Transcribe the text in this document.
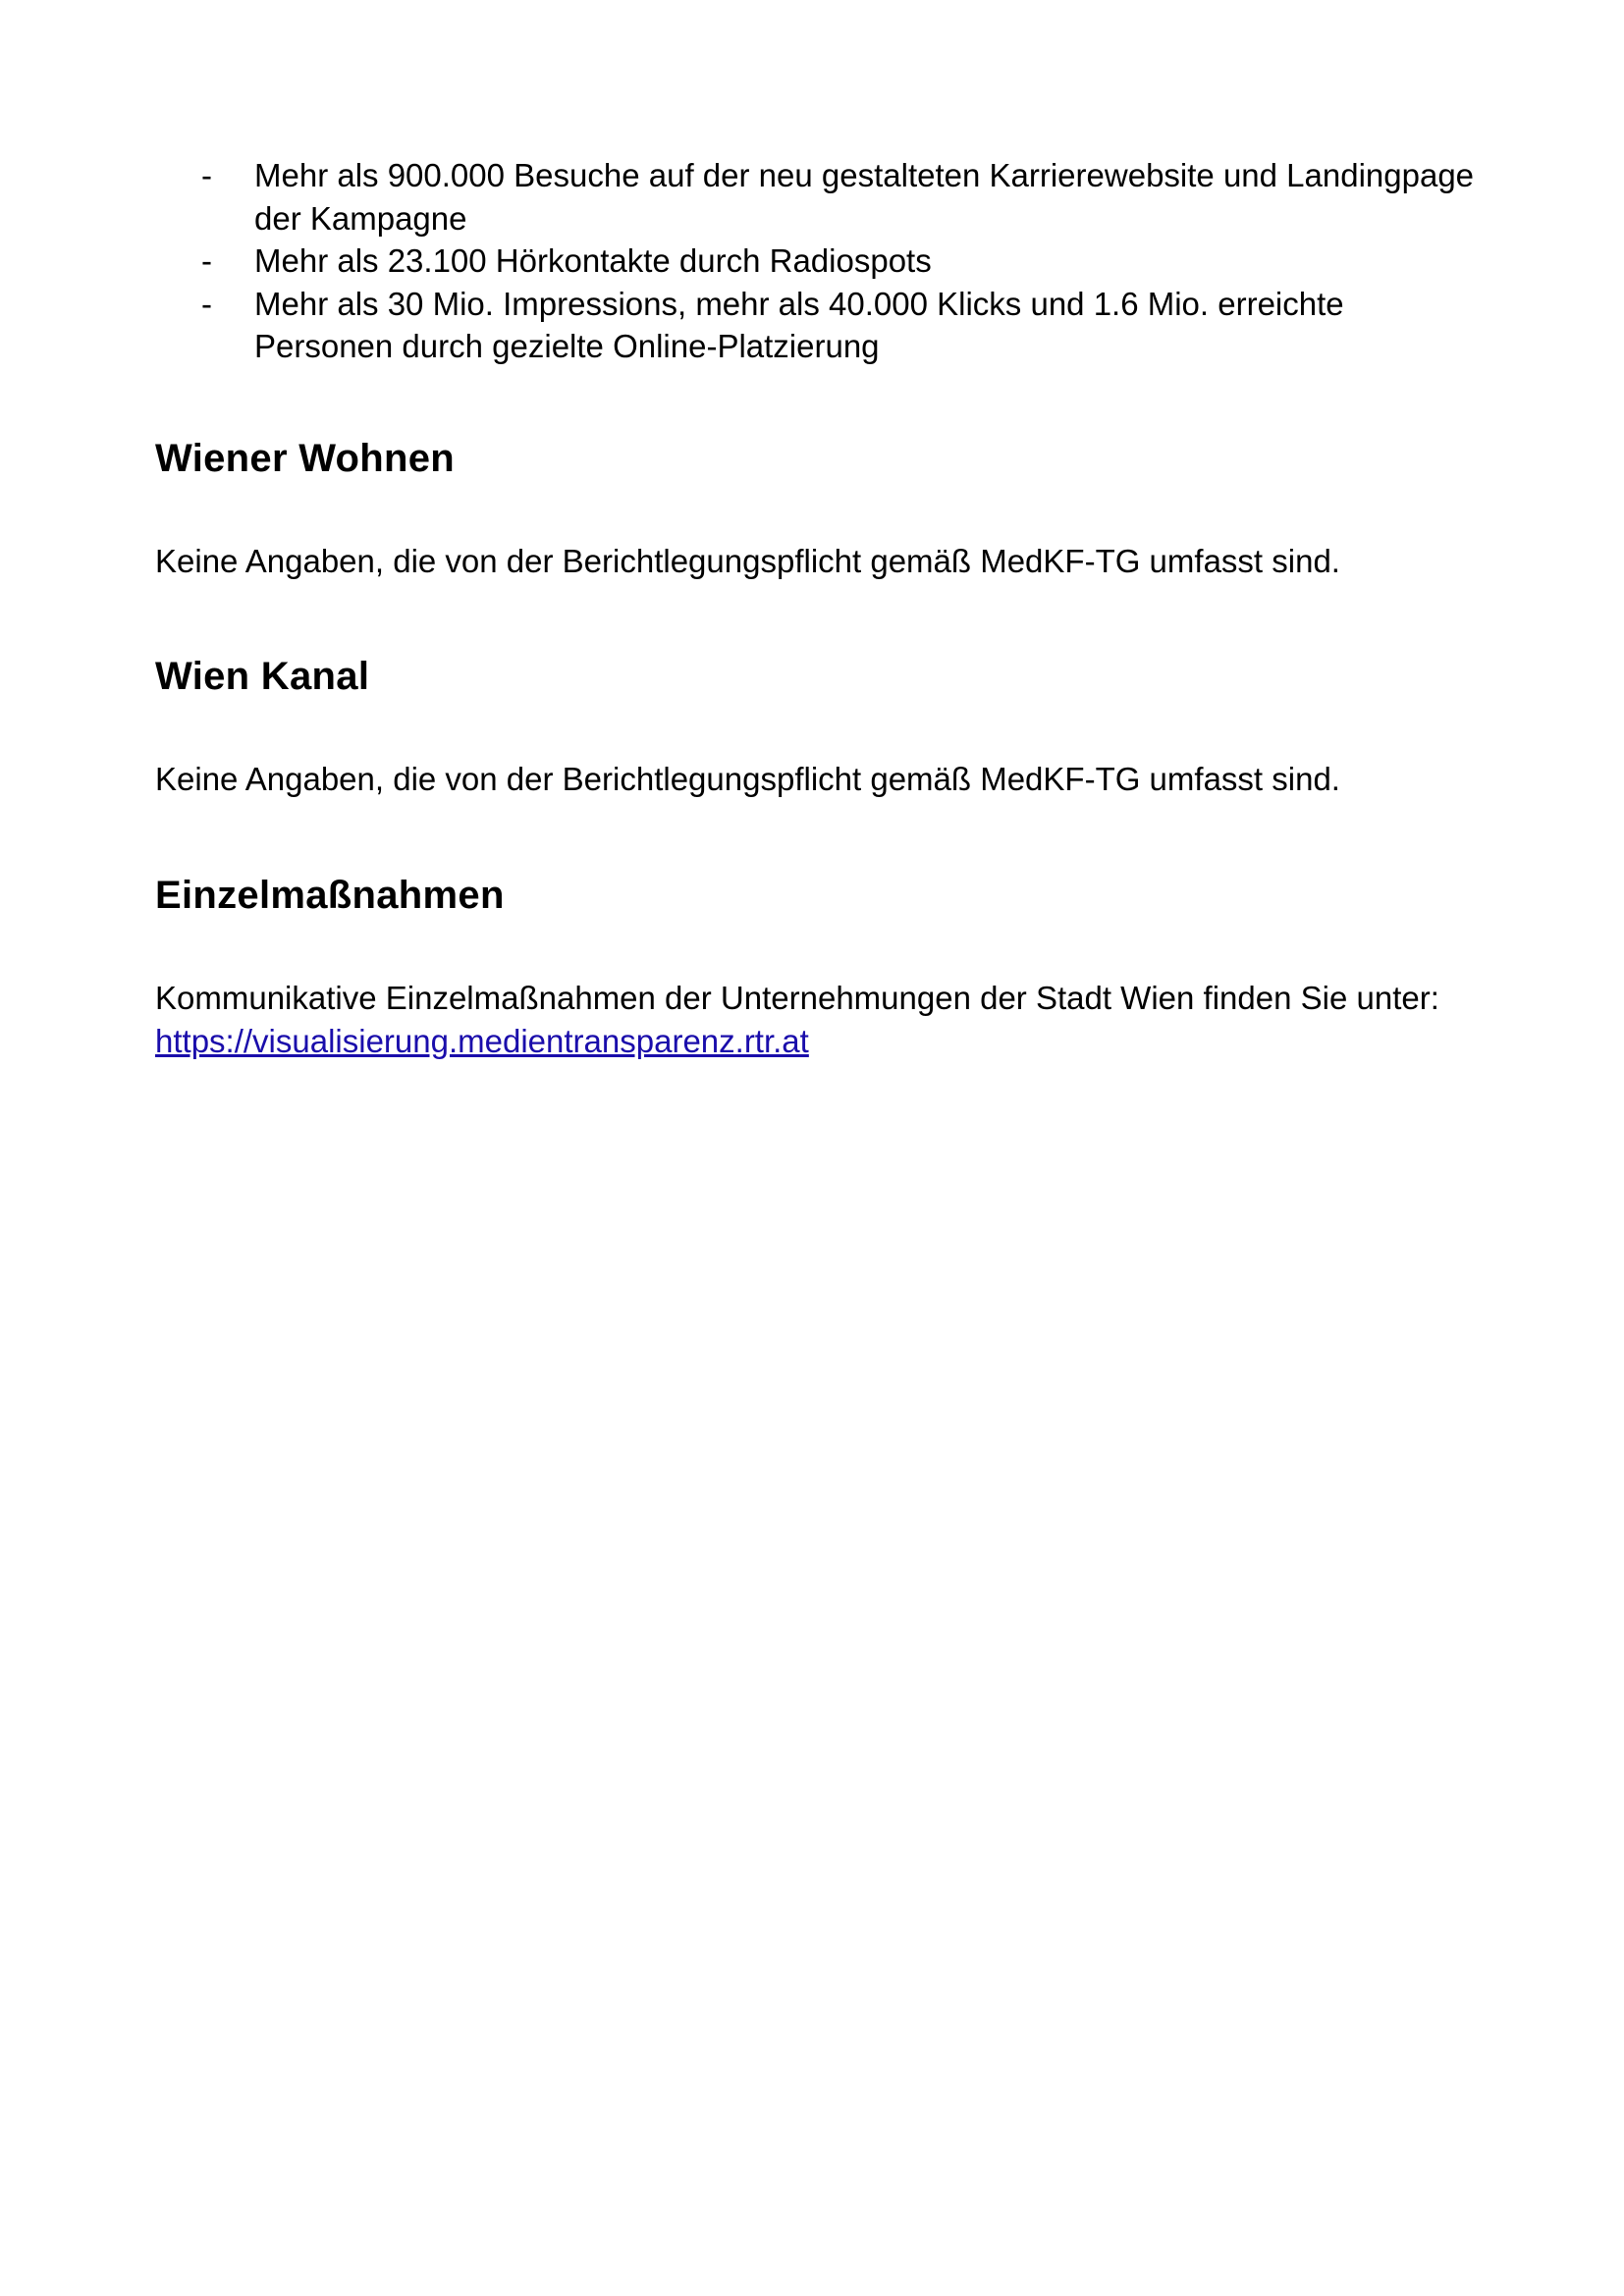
- Mehr als 900.000 Besuche auf der neu gestalteten Karrierewebsite und Landingpage der Kampagne
- Mehr als 23.100 Hörkontakte durch Radiospots
- Mehr als 30 Mio. Impressions, mehr als 40.000 Klicks und 1.6 Mio. erreichte Personen durch gezielte Online-Platzierung
Wiener Wohnen

Keine Angaben, die von der Berichtlegungspflicht gemäß MedKF-TG umfasst sind.

Wien Kanal

Keine Angaben, die von der Berichtlegungspflicht gemäß MedKF-TG umfasst sind.

Einzelmaßnahmen

Kommunikative Einzelmaßnahmen der Unternehmungen der Stadt Wien finden Sie unter:
https://visualisierung.medientransparenz.rtr.at
